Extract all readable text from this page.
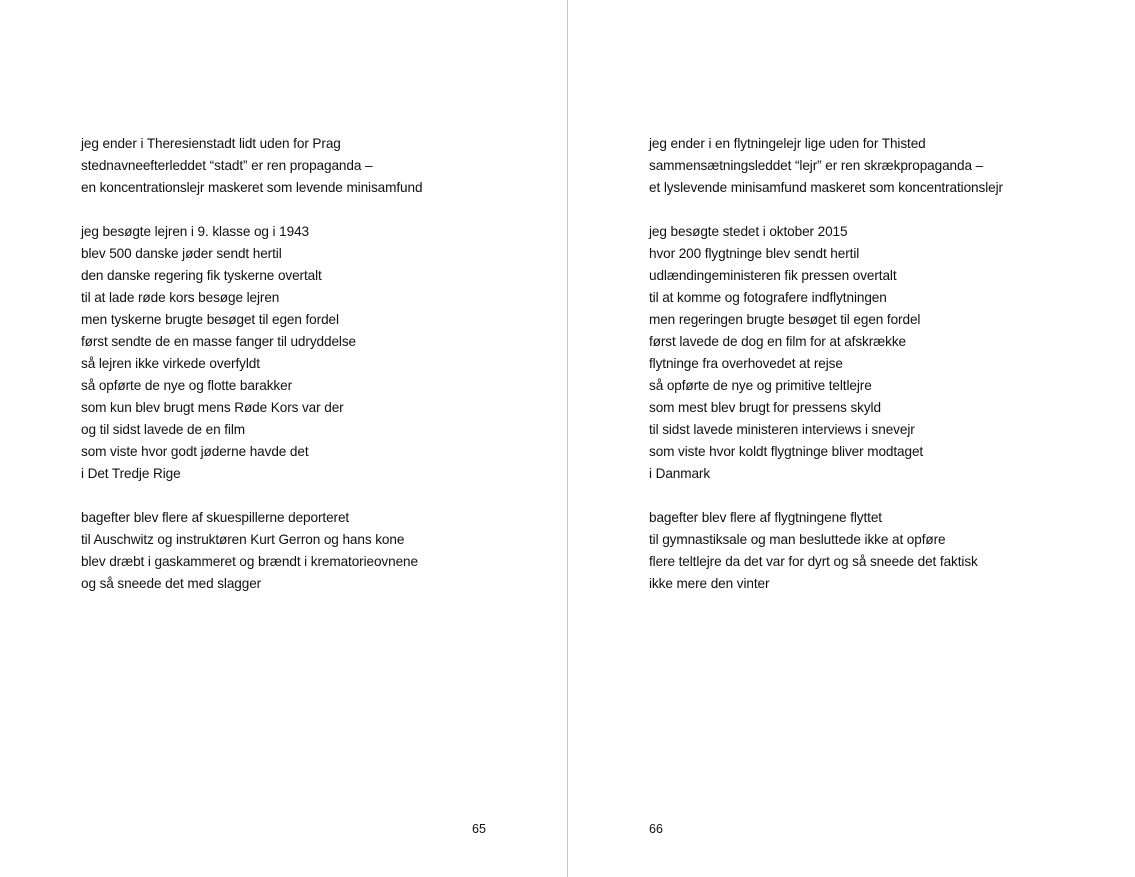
jeg ender i Theresienstadt lidt uden for Prag
stednavneefterleddet “stadt” er ren propaganda –
en koncentrationslejr maskeret som levende minisamfund
jeg besøgte lejren i 9. klasse og i 1943
blev 500 danske jøder sendt hertil
den danske regering fik tyskerne overtalt
til at lade røde kors besøge lejren
men tyskerne brugte besøget til egen fordel
først sendte de en masse fanger til udryddelse
så lejren ikke virkede overfyldt
så opførte de nye og flotte barakker
som kun blev brugt mens Røde Kors var der
og til sidst lavede de en film
som viste hvor godt jøderne havde det
i Det Tredje Rige
bagefter blev flere af skuespillerne deporteret
til Auschwitz og instruktøren Kurt Gerron og hans kone
blev dræbt i gaskammeret og brændt i krematorieovnene
og så sneede det med slagger
65
jeg ender i en flytningelejr lige uden for Thisted
sammensætningsleddet “lejr” er ren skrækpropaganda –
et lyslevende minisamfund maskeret som koncentrationslejr
jeg besøgte stedet i oktober 2015
hvor 200 flygtninge blev sendt hertil
udlændingeministeren fik pressen overtalt
til at komme og fotografere indflytningen
men regeringen brugte besøget til egen fordel
først lavede de dog en film for at afskrække
flytninge fra overhovedet at rejse
så opførte de nye og primitive teltlejre
som mest blev brugt for pressens skyld
til sidst lavede ministeren interviews i snevejr
som viste hvor koldt flygtninge bliver modtaget
i Danmark
bagefter blev flere af flygtningene flyttet
til gymnastiksale og man besluttede ikke at opføre
flere teltlejre da det var for dyrt og så sneede det faktisk
ikke mere den vinter
66
